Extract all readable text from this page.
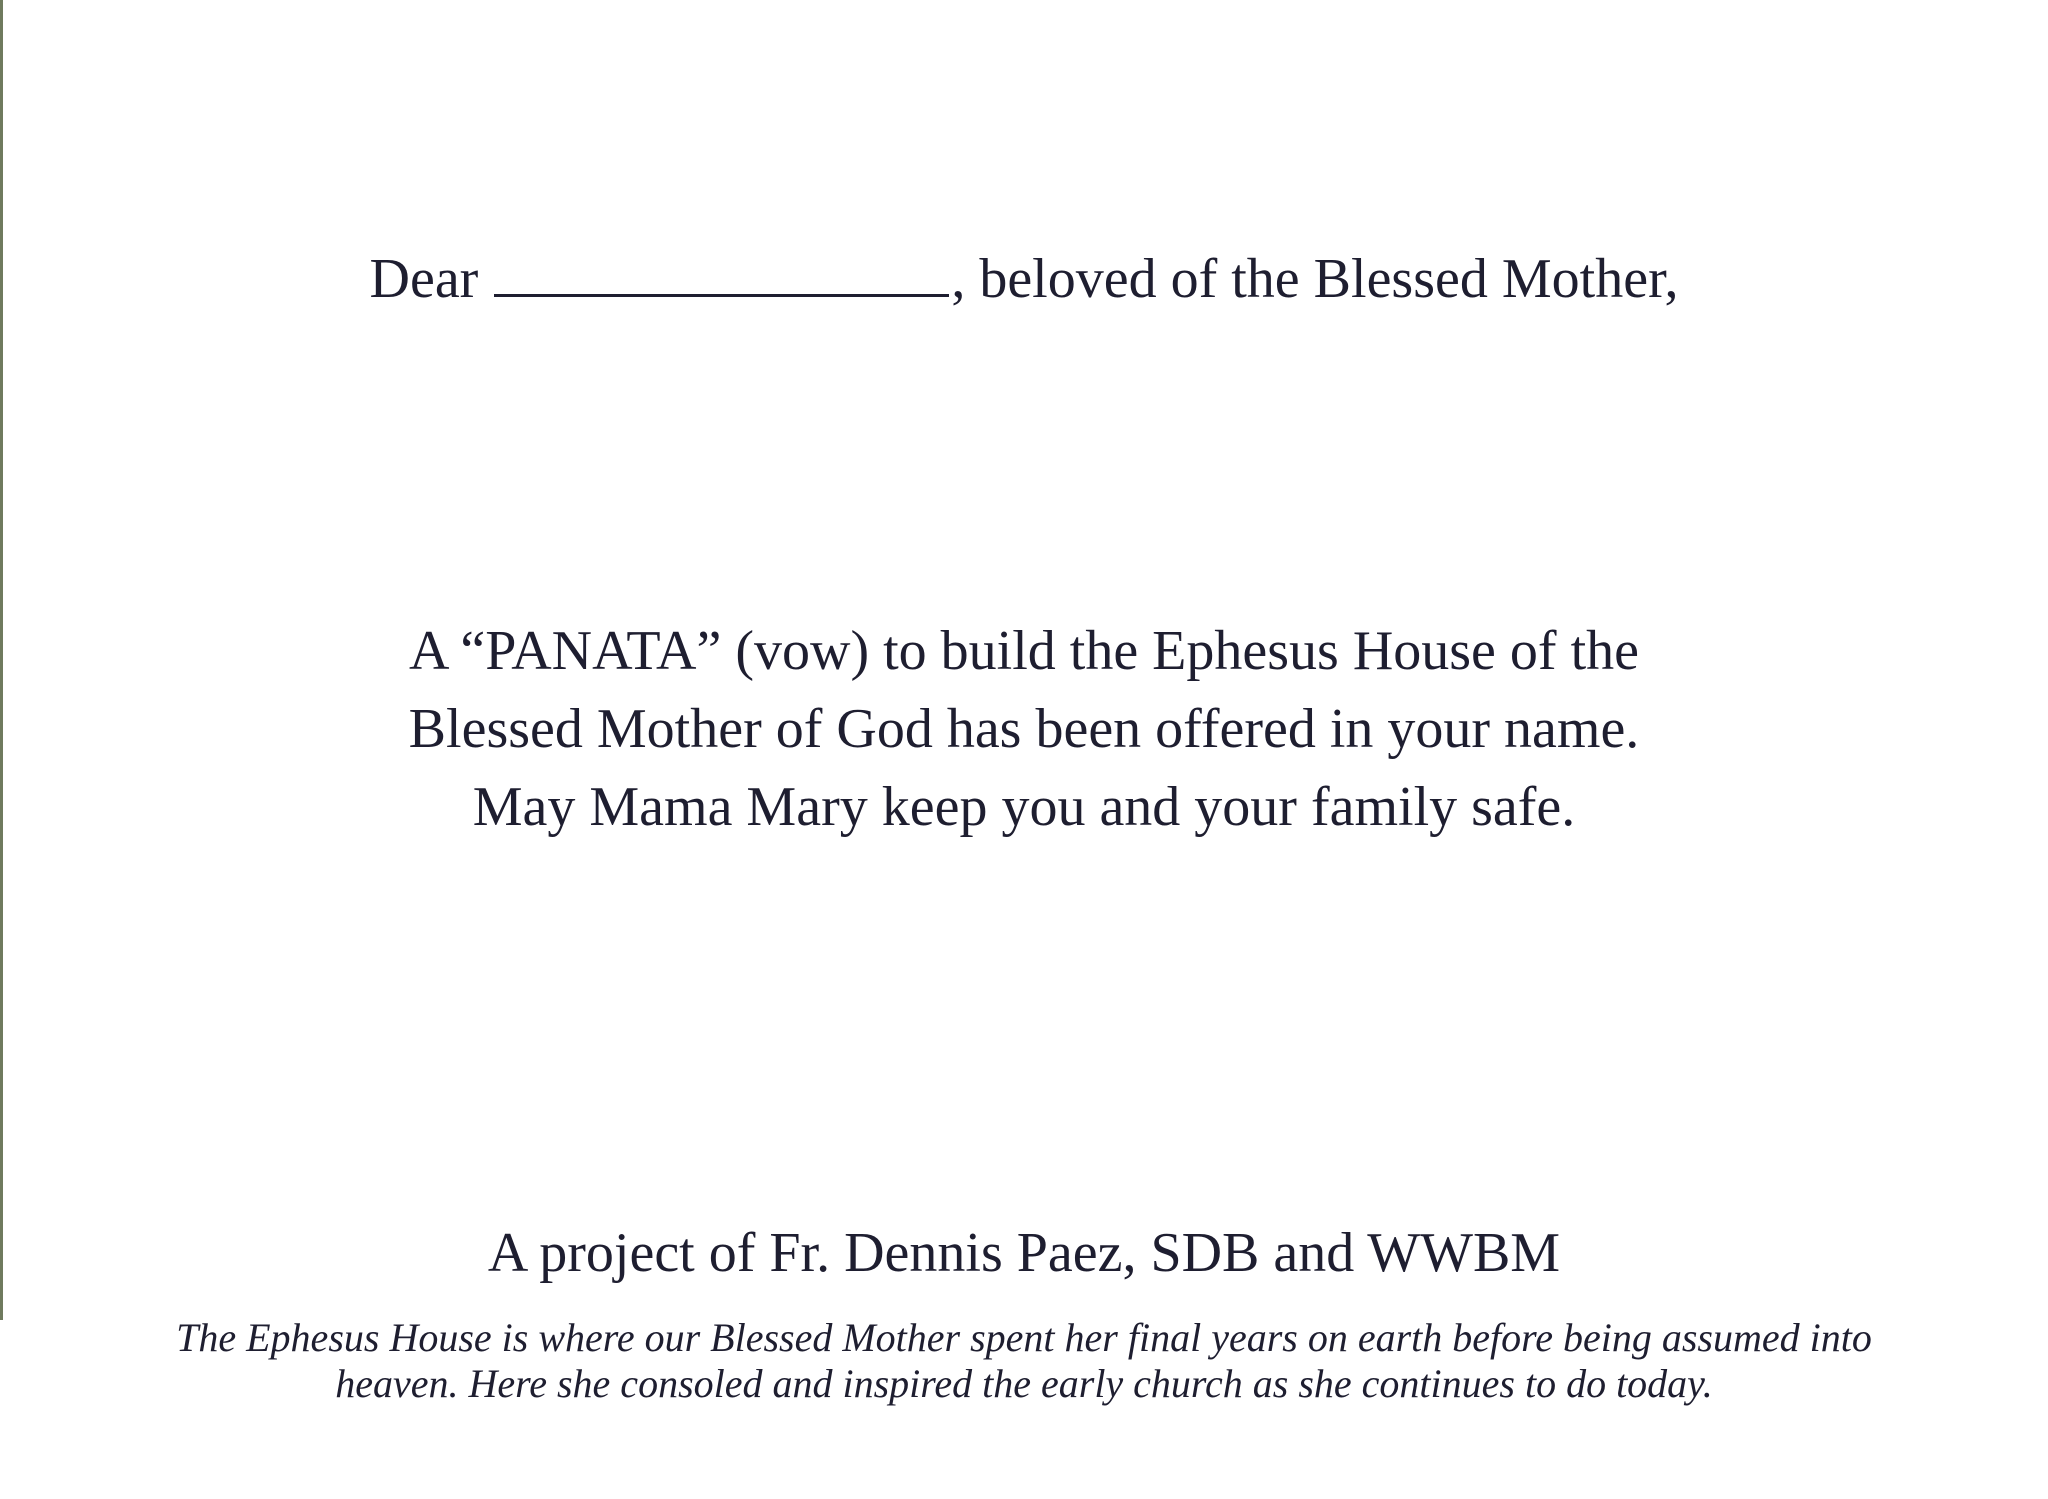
Dear	, beloved of the Blessed Mother,
A “PANATA” (vow) to build the Ephesus House of the
Blessed Mother of God has been offered in your name.
May Mama Mary keep you and your family safe.
A project of Fr. Dennis Paez, SDB and WWBM
The Ephesus House is where our Blessed Mother spent her final years on earth before being assumed into
heaven. Here she consoled and inspired the early church as she continues to do today.
